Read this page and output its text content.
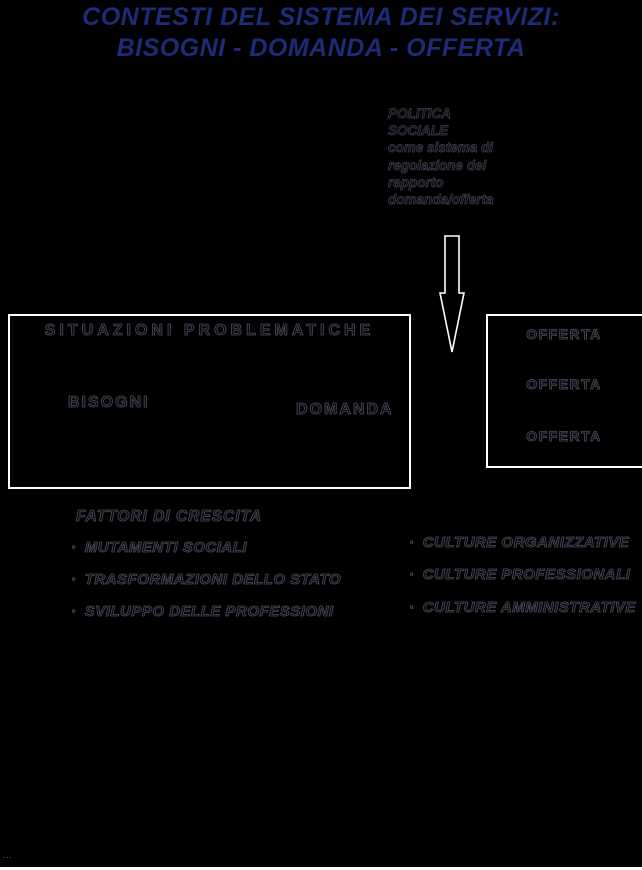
CONTESTI DEL SISTEMA DEI SERVIZI:
BISOGNI - DOMANDA - OFFERTA
POLITICA
SOCIALE
come sistema di
regolazione del
rapporto
domanda/offerta
SITUAZIONI PROBLEMATICHE
BISOGNI	DOMANDA
OFFERTA
OFFERTA
OFFERTA
FATTORI DI CRESCITA
▪ MUTAMENTI SOCIALI
▪ TRASFORMAZIONI DELLO STATO
▪ SVILUPPO DELLE PROFESSIONI
▪ CULTURE ORGANIZZATIVE
▪ CULTURE PROFESSIONALI
▪ CULTURE AMMINISTRATIVE
...
